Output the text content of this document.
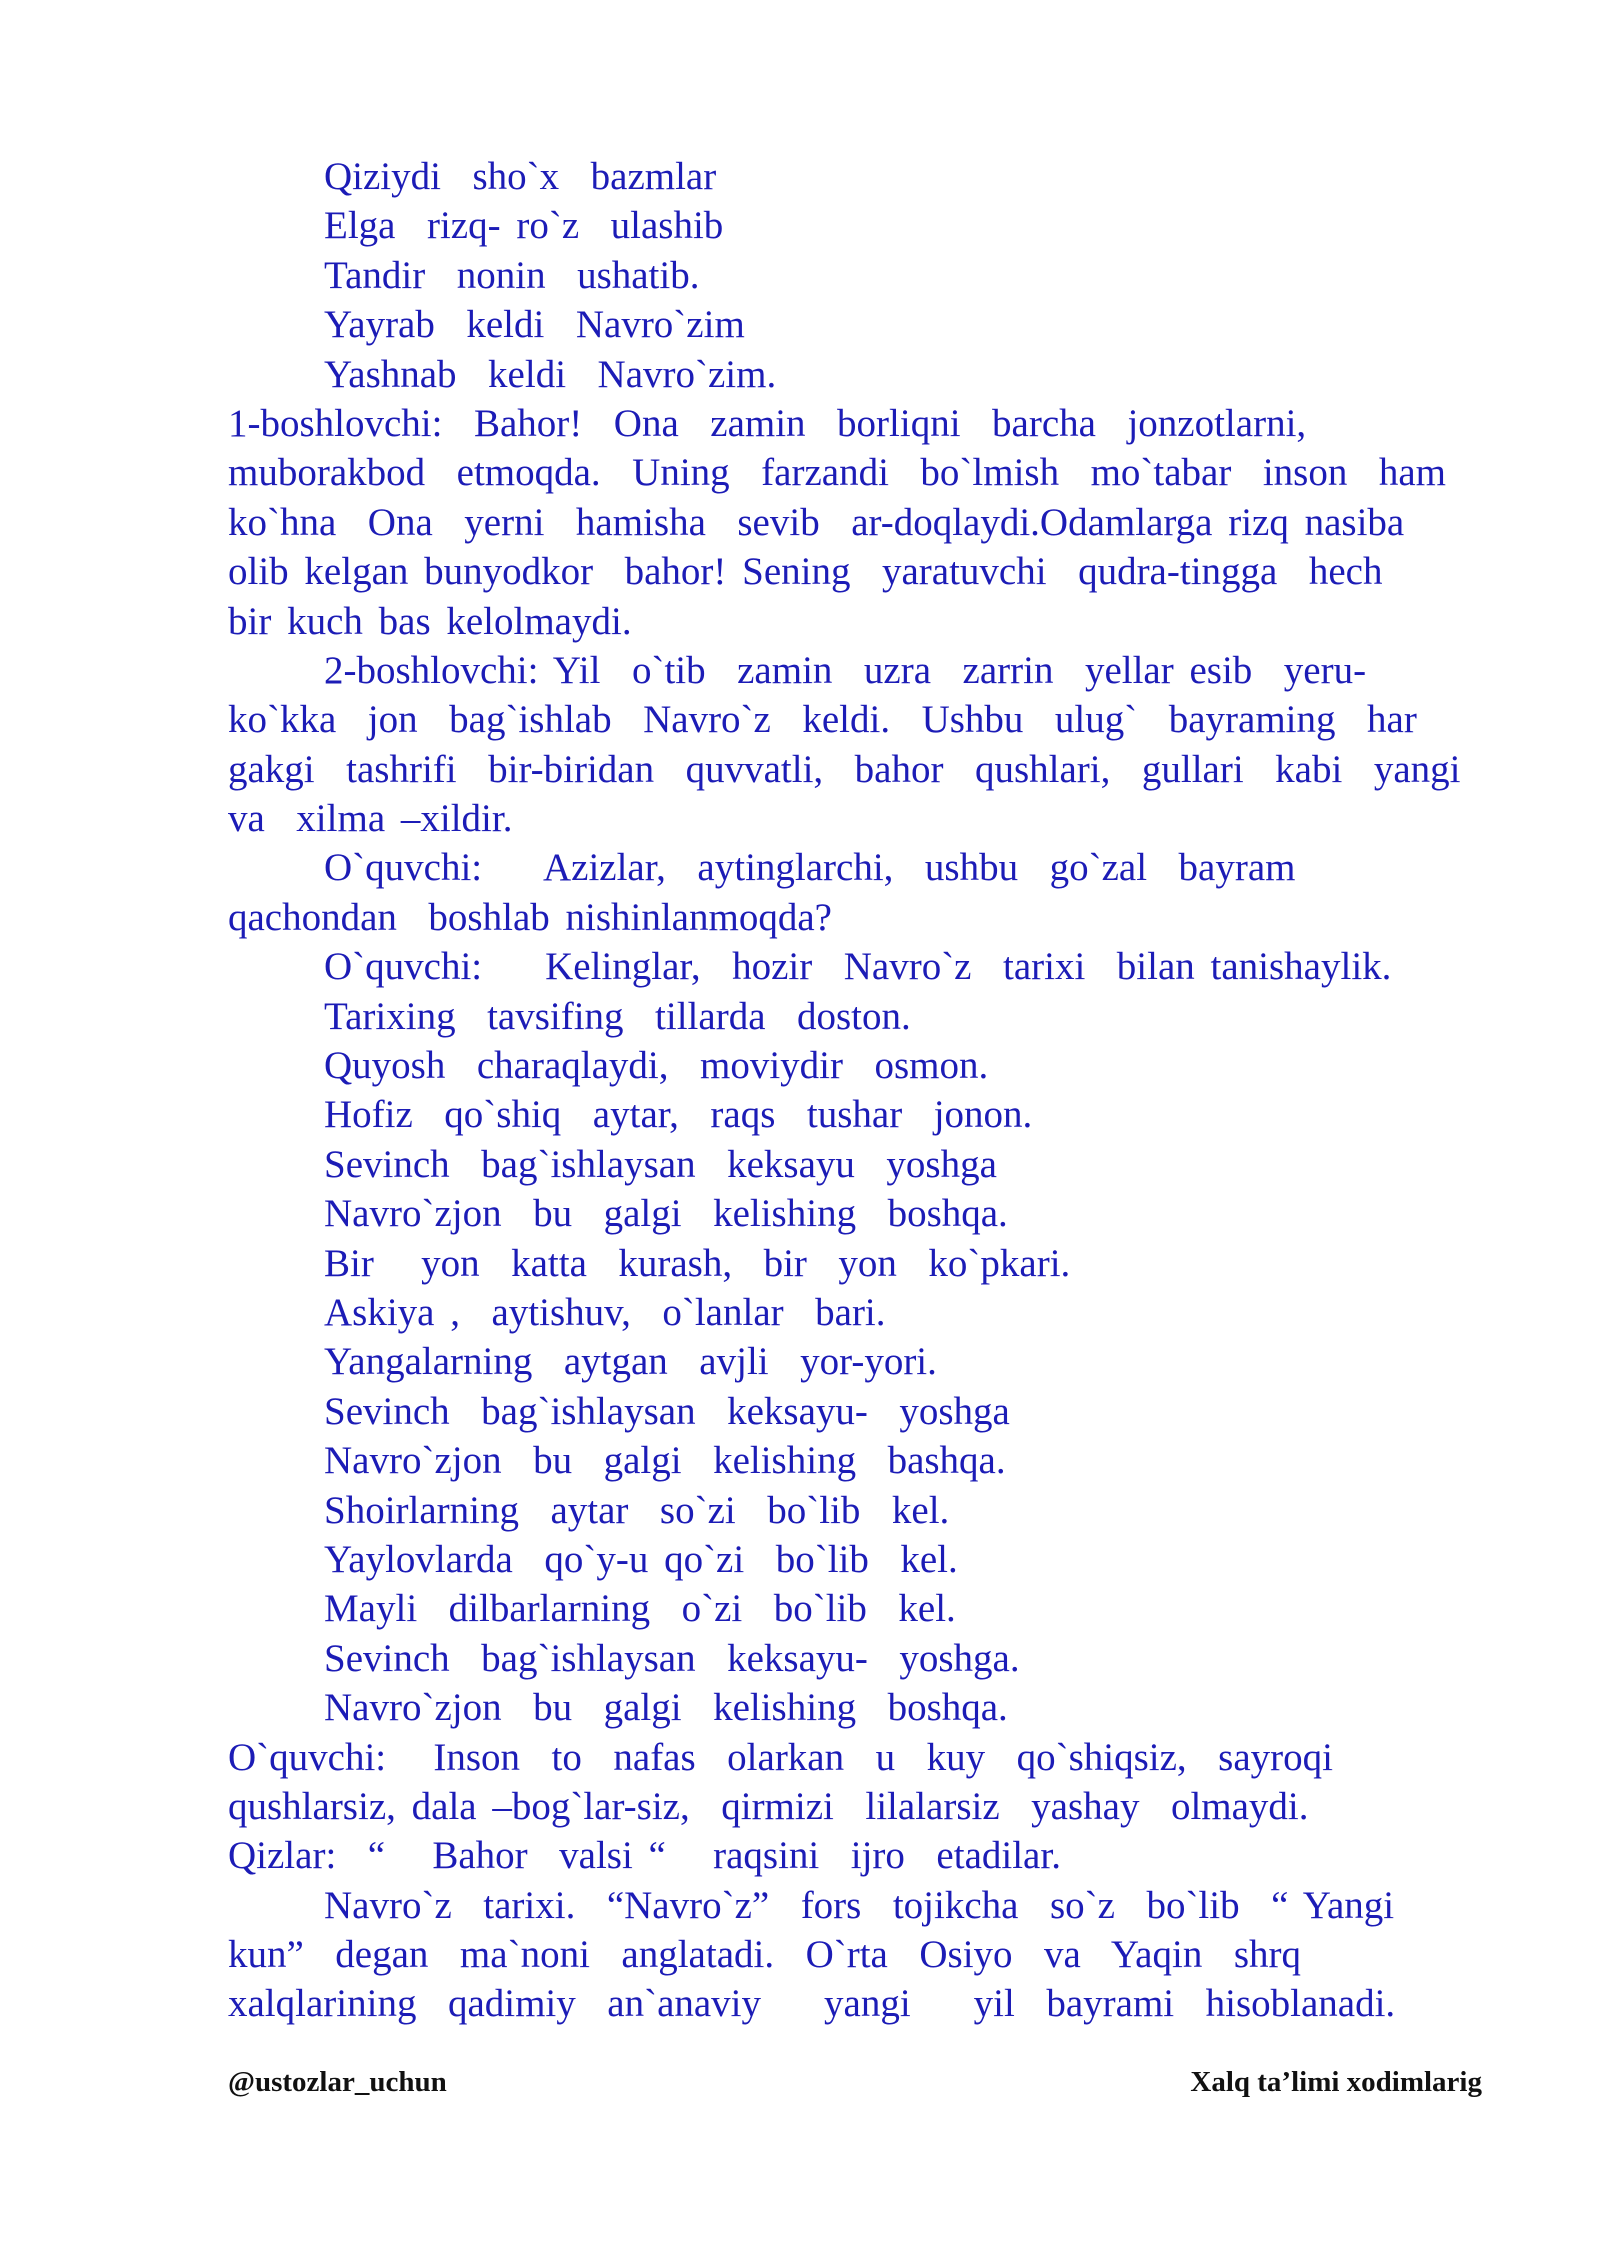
Qiziydi  sho`x  bazmlar
Elga  rizq- ro`z  ulashib
Tandir  nonin  ushatib.
Yayrab  keldi  Navro`zim
Yashnab  keldi  Navro`zim.
1-boshlovchi:  Bahor!  Ona  zamin  borliqni  barcha  jonzotlarni,
muborakbod  etmoqda.  Uning  farzandi  bo`lmish  mo`tabar  inson  ham
ko`hna  Ona  yerni  hamisha  sevib  ar-doqlaydi.Odamlarga rizq nasiba
olib kelgan bunyodkor  bahor! Sening  yaratuvchi  qudra-tingga  hech
bir kuch bas kelolmaydi.
2-boshlovchi: Yil  o`tib  zamin  uzra  zarrin  yellar esib  yeru-
ko`kka  jon  bag`ishlab  Navro`z  keldi.  Ushbu  ulug`  bayraming  har
gakgi  tashrifi  bir-biridan  quvvatli,  bahor  qushlari,  gullari  kabi  yangi
va  xilma –xildir.
O`quvchi:    Azizlar,  aytinglarchi,  ushbu  go`zal  bayram
qachondan  boshlab nishinlanmoqda?
O`quvchi:    Kelinglar,  hozir  Navro`z  tarixi  bilan tanishaylik.
Tarixing  tavsifing  tillarda  doston.
Quyosh  charaqlaydi,  moviydir  osmon.
Hofiz  qo`shiq  aytar,  raqs  tushar  jonon.
Sevinch  bag`ishlaysan  keksayu  yoshga
Navro`zjon  bu  galgi  kelishing  boshqa.
Bir   yon  katta  kurash,  bir  yon  ko`pkari.
Askiya ,  aytishuv,  o`lanlar  bari.
Yangalarning  aytgan  avjli  yor-yori.
Sevinch  bag`ishlaysan  keksayu-  yoshga
Navro`zjon  bu  galgi  kelishing  bashqa.
Shoirlarning  aytar  so`zi  bo`lib  kel.
Yaylovlarda  qo`y-u qo`zi  bo`lib  kel.
Mayli  dilbarlarning  o`zi  bo`lib  kel.
Sevinch  bag`ishlaysan  keksayu-  yoshga.
Navro`zjon  bu  galgi  kelishing  boshqa.
O`quvchi:   Inson  to  nafas  olarkan  u  kuy  qo`shiqsiz,  sayroqi
qushlarsiz, dala –bog`lar-siz,  qirmizi  lilalarsiz  yashay  olmaydi.
Qizlar:  “   Bahor  valsi “   raqsini  ijro  etadilar.
Navro`z  tarixi.  “Navro`z”  fors  tojikcha  so`z  bo`lib  “ Yangi
kun”  degan  ma`noni  anglatadi.  O`rta  Osiyo  va  Yaqin  shrq
xalqlarining  qadimiy  an`anaviy    yangi    yil  bayrami  hisoblanadi.
@ustozlar_uchun	Xalq ta’limi xodimlarig
